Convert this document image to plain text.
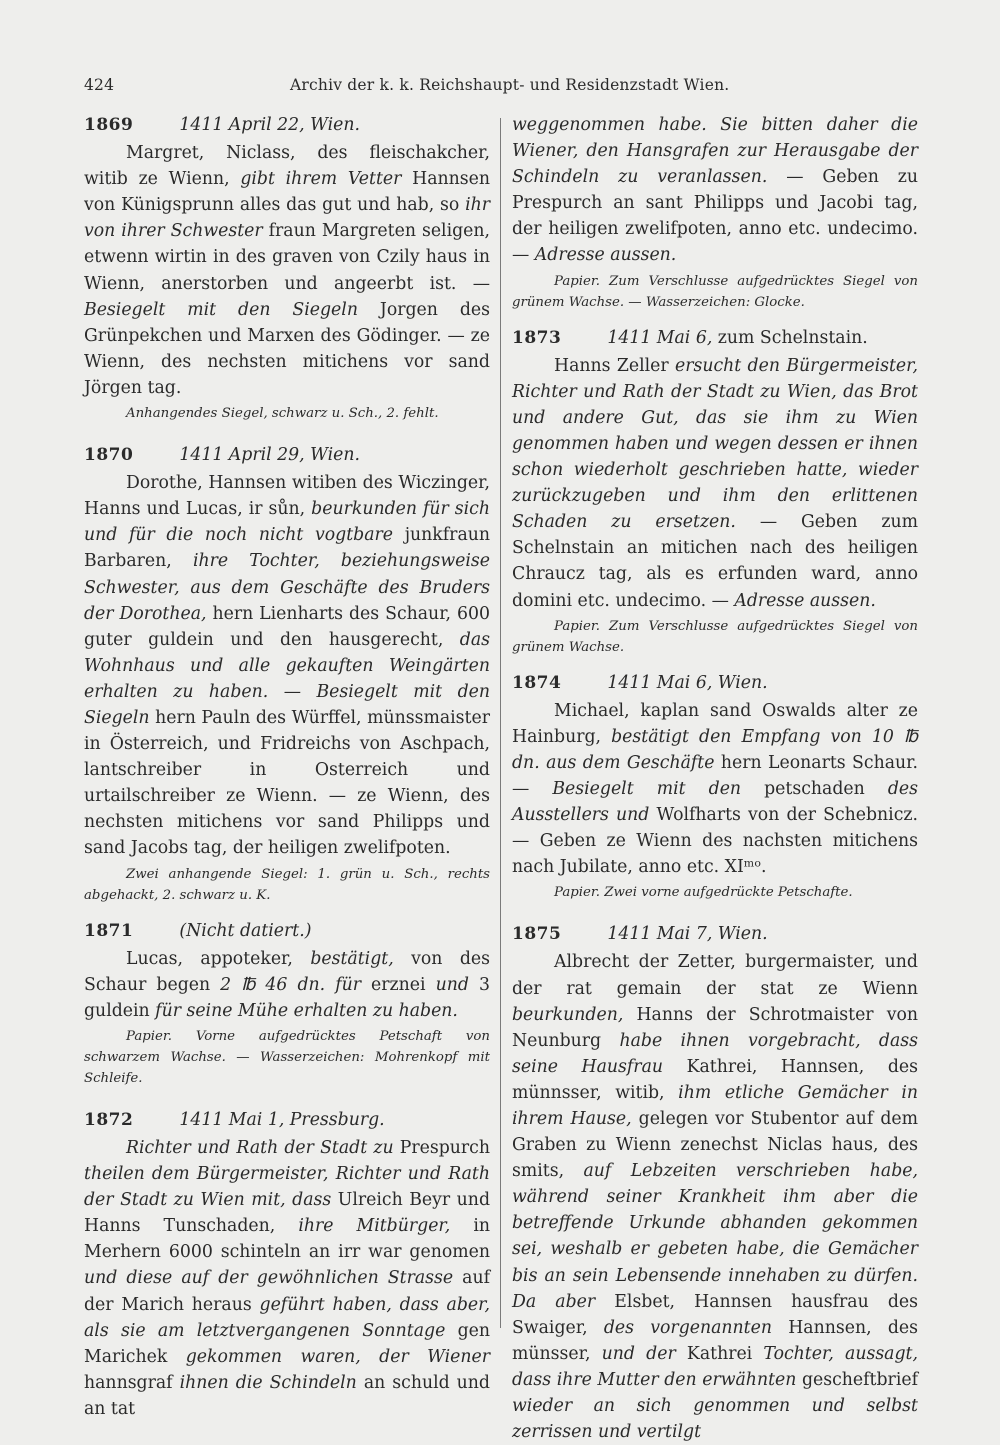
424	Archiv der k. k. Reichshaupt- und Residenzstadt Wien.
1869	1411 April 22, Wien.
Margret, Niclass, des fleischakcher, witib ze Wienn, gibt ihrem Vetter Hannsen von Künigsprunn alles das gut und hab, so ihr von ihrer Schwester fraun Margreten seligen, etwenn wirtin in des graven von Czily haus in Wienn, anerstorben und angeerbt ist. — Besiegelt mit den Siegeln Jorgen des Grünpekchen und Marxen des Gödinger. — ze Wienn, des nechsten mitichens vor sand Jörgen tag.
Anhangendes Siegel, schwarz u. Sch., 2. fehlt.
1870	1411 April 29, Wien.
Dorothe, Hannsen witiben des Wiczinger, Hanns und Lucas, ir sůn, beurkunden für sich und für die noch nicht vogtbare junkfraun Barbaren, ihre Tochter, beziehungsweise Schwester, aus dem Geschäfte des Bruders der Dorothea, hern Lienharts des Schaur, 600 guter guldein und den hausgerecht, das Wohnhaus und alle gekauften Weingärten erhalten zu haben. — Besiegelt mit den Siegeln hern Pauln des Würffel, münssmaister in Österreich, und Fridreichs von Aschpach, lantschreiber in Osterreich und urtailschreiber ze Wienn. — ze Wienn, des nechsten mitichens vor sand Philipps und sand Jacobs tag, der heiligen zwelifpoten.
Zwei anhangende Siegel: 1. grün u. Sch., rechts abgehackt, 2. schwarz u. K.
1871	(Nicht datiert.)
Lucas, appoteker, bestätigt, von des Schaur begen 2 ℔ 46 dn. für erznei und 3 guldein für seine Mühe erhalten zu haben.
Papier. Vorne aufgedrücktes Petschaft von schwarzem Wachse. — Wasserzeichen: Mohrenkopf mit Schleife.
1872	1411 Mai 1, Pressburg.
Richter und Rath der Stadt zu Prespurch theilen dem Bürgermeister, Richter und Rath der Stadt zu Wien mit, dass Ulreich Beyr und Hanns Tunschaden, ihre Mitbürger, in Merhern 6000 schinteln an irr war genomen und diese auf der gewöhnlichen Strasse auf der Marich heraus geführt haben, dass aber, als sie am letztvergangenen Sonntage gen Marichek gekommen waren, der Wiener hannsgraf ihnen die Schindeln an schuld und an tat
weggenommen habe. Sie bitten daher die Wiener, den Hansgrafen zur Herausgabe der Schindeln zu veranlassen. — Geben zu Prespurch an sant Philipps und Jacobi tag, der heiligen zwelifpoten, anno etc. undecimo. — Adresse aussen.
Papier. Zum Verschlusse aufgedrücktes Siegel von grünem Wachse. — Wasserzeichen: Glocke.
1873	1411 Mai 6, zum Schelnstain.
Hanns Zeller ersucht den Bürgermeister, Richter und Rath der Stadt zu Wien, das Brot und andere Gut, das sie ihm zu Wien genommen haben und wegen dessen er ihnen schon wiederholt geschrieben hatte, wieder zurückzugeben und ihm den erlittenen Schaden zu ersetzen. — Geben zum Schelnstain an mitichen nach des heiligen Chraucz tag, als es erfunden ward, anno domini etc. undecimo. — Adresse aussen.
Papier. Zum Verschlusse aufgedrücktes Siegel von grünem Wachse.
1874	1411 Mai 6, Wien.
Michael, kaplan sand Oswalds alter ze Hainburg, bestätigt den Empfang von 10 ℔ dn. aus dem Geschäfte hern Leonarts Schaur. — Besiegelt mit den petschaden des Ausstellers und Wolfharts von der Schebnicz. — Geben ze Wienn des nachsten mitichens nach Jubilate, anno etc. XIᵐᵒ.
Papier. Zwei vorne aufgedrückte Petschafte.
1875	1411 Mai 7, Wien.
Albrecht der Zetter, burgermaister, und der rat gemain der stat ze Wienn beurkunden, Hanns der Schrotmaister von Neunburg habe ihnen vorgebracht, dass seine Hausfrau Kathrei, Hannsen, des münnsser, witib, ihm etliche Gemächer in ihrem Hause, gelegen vor Stubentor auf dem Graben zu Wienn zenechst Niclas haus, des smits, auf Lebzeiten verschrieben habe, während seiner Krankheit ihm aber die betreffende Urkunde abhanden gekommen sei, weshalb er gebeten habe, die Gemächer bis an sein Lebensende innehaben zu dürfen. Da aber Elsbet, Hannsen hausfrau des Swaiger, des vorgenannten Hannsen, des münsser, und der Kathrei Tochter, aussagt, dass ihre Mutter den erwähnten gescheftbrief wieder an sich genommen und selbst zerrissen und vertilgt
